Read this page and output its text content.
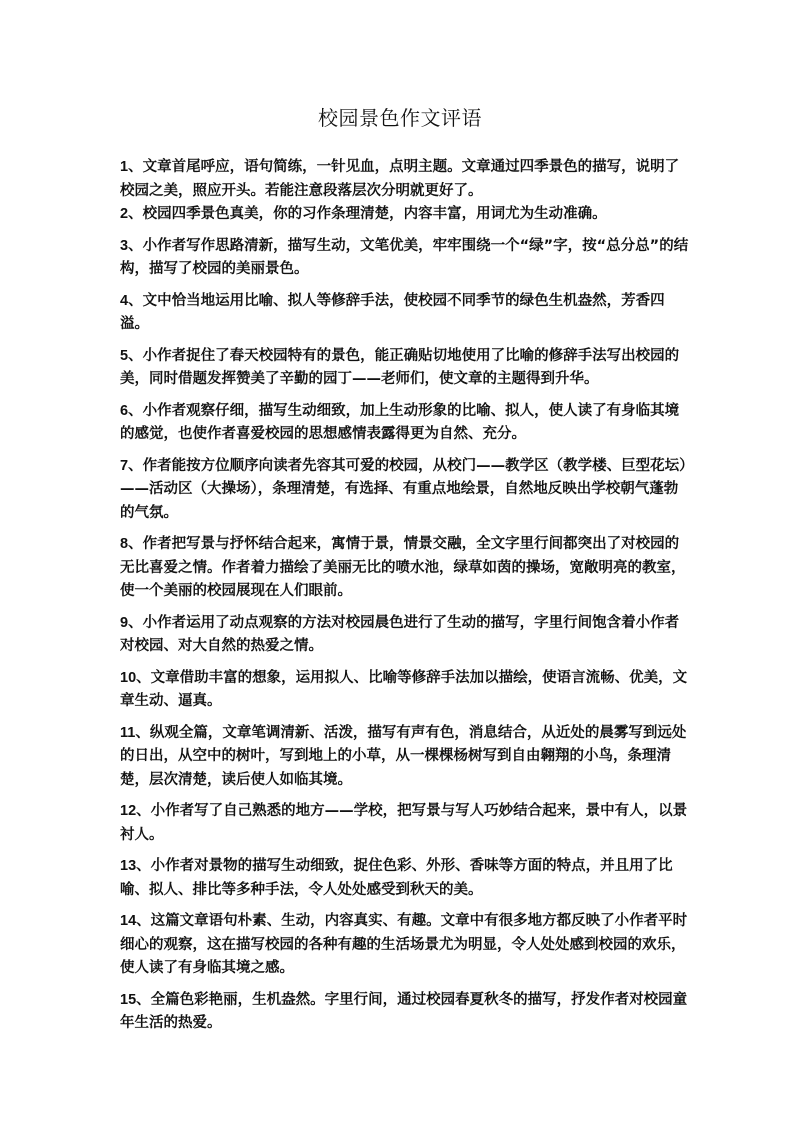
校园景色作文评语
1、文章首尾呼应，语句简练，一针见血，点明主题。文章通过四季景色的描写，说明了校园之美，照应开头。若能注意段落层次分明就更好了。
2、校园四季景色真美，你的习作条理清楚，内容丰富，用词尤为生动准确。
3、小作者写作思路清新，描写生动，文笔优美，牢牢围绕一个“绿”字，按“总分总”的结构，描写了校园的美丽景色。
4、文中恰当地运用比喻、拟人等修辞手法，使校园不同季节的绿色生机盎然，芳香四溢。
5、小作者捉住了春天校园特有的景色，能正确贴切地使用了比喻的修辞手法写出校园的美，同时借题发挥赞美了辛勤的园丁——老师们，使文章的主题得到升华。
6、小作者观察仔细，描写生动细致，加上生动形象的比喻、拟人，使人读了有身临其境的感觉，也使作者喜爱校园的思想感情表露得更为自然、充分。
7、作者能按方位顺序向读者先容其可爱的校园，从校门——教学区（教学楼、巨型花坛）——活动区（大操场），条理清楚，有选择、有重点地绘景，自然地反映出学校朝气蓬勃的气氛。
8、作者把写景与抒怀结合起来，寓情于景，情景交融，全文字里行间都突出了对校园的无比喜爱之情。作者着力描绘了美丽无比的喷水池，绿草如茵的操场，宽敞明亮的教室，使一个美丽的校园展现在人们眼前。
9、小作者运用了动点观察的方法对校园晨色进行了生动的描写，字里行间饱含着小作者对校园、对大自然的热爱之情。
10、文章借助丰富的想象，运用拟人、比喻等修辞手法加以描绘，使语言流畅、优美，文章生动、逼真。
11、纵观全篇，文章笔调清新、活泼，描写有声有色，消息结合，从近处的晨雾写到远处的日出，从空中的树叶，写到地上的小草，从一棵棵杨树写到自由翱翔的小鸟，条理清楚，层次清楚，读后使人如临其境。
12、小作者写了自己熟悉的地方——学校，把写景与写人巧妙结合起来，景中有人，以景衬人。
13、小作者对景物的描写生动细致，捉住色彩、外形、香味等方面的特点，并且用了比喻、拟人、排比等多种手法，令人处处感受到秋天的美。
14、这篇文章语句朴素、生动，内容真实、有趣。文章中有很多地方都反映了小作者平时细心的观察，这在描写校园的各种有趣的生活场景尤为明显，令人处处感到校园的欢乐，使人读了有身临其境之感。
15、全篇色彩艳丽，生机盎然。字里行间，通过校园春夏秋冬的描写，抒发作者对校园童年生活的热爱。
